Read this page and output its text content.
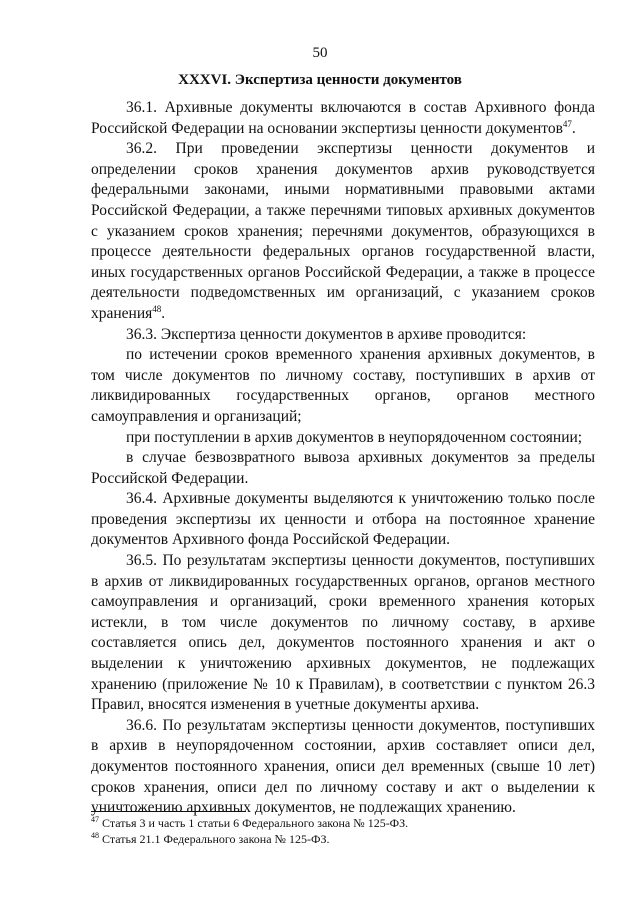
50
XXXVI. Экспертиза ценности документов

36.1. Архивные документы включаются в состав Архивного фонда Российской Федерации на основании экспертизы ценности документов$^{47}$.

36.2. При проведении экспертизы ценности документов и определении сроков хранения документов архив руководствуется федеральными законами, иными нормативными правовыми актами Российской Федерации, а также перечнями типовых архивных документов с указанием сроков хранения; перечнями документов, образующихся в процессе деятельности федеральных органов государственной власти, иных государственных органов Российской Федерации, а также в процессе деятельности подведомственных им организаций, с указанием сроков хранения$^{48}$.

36.3. Экспертиза ценности документов в архиве проводится:

по истечении сроков временного хранения архивных документов, в том числе документов по личному составу, поступивших в архив от ликвидированных государственных органов, органов местного самоуправления и организаций;

при поступлении в архив документов в неупорядоченном состоянии;

в случае безвозвратного вывоза архивных документов за пределы Российской Федерации.

36.4. Архивные документы выделяются к уничтожению только после проведения экспертизы их ценности и отбора на постоянное хранение документов Архивного фонда Российской Федерации.

36.5. По результатам экспертизы ценности документов, поступивших в архив от ликвидированных государственных органов, органов местного самоуправления и организаций, сроки временного хранения которых истекли, в том числе документов по личному составу, в архиве составляется опись дел, документов постоянного хранения и акт о выделении к уничтожению архивных документов, не подлежащих хранению (приложение № 10 к Правилам), в соответствии с пунктом 26.3 Правил, вносятся изменения в учетные документы архива.

36.6. По результатам экспертизы ценности документов, поступивших в архив в неупорядоченном состоянии, архив составляет описи дел, документов постоянного хранения, описи дел временных (свыше 10 лет) сроков хранения, описи дел по личному составу и акт о выделении к уничтожению архивных документов, не подлежащих хранению.

$^{47}$ Статья 3 и часть 1 статьи 6 Федерального закона № 125-ФЗ.

$^{48}$ Статья 21.1 Федерального закона № 125-ФЗ.
